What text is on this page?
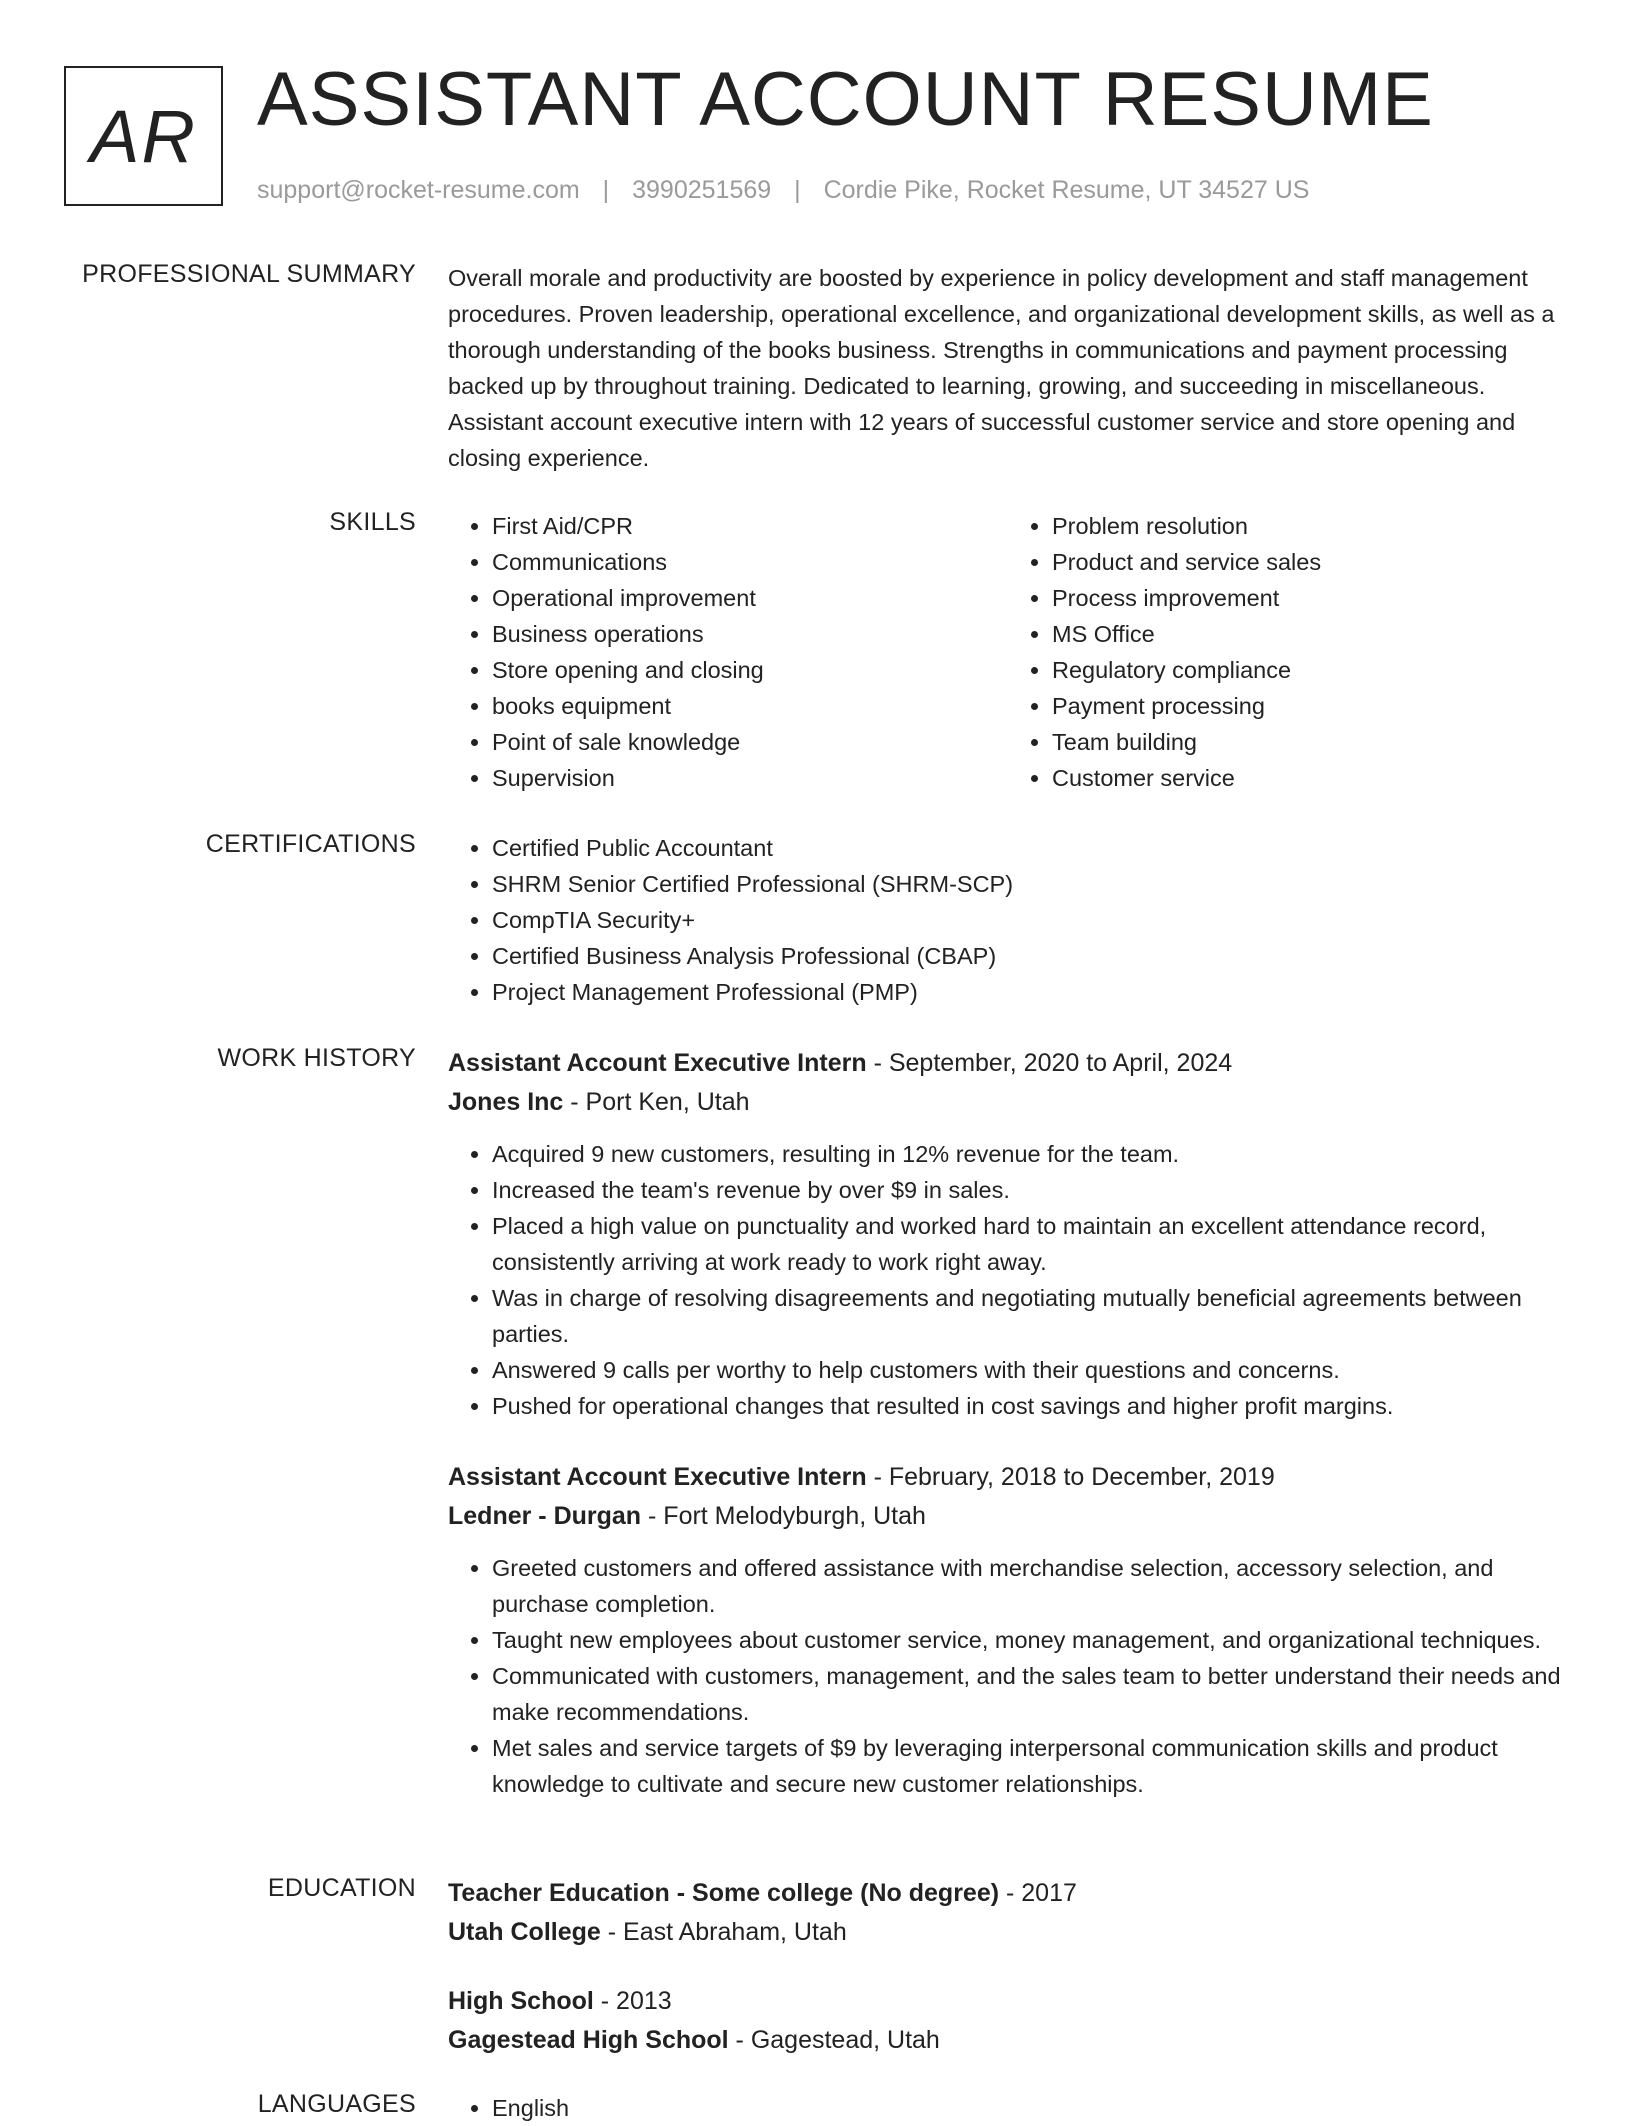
AR ASSISTANT ACCOUNT RESUME
support@rocket-resume.com | 3990251569 | Cordie Pike, Rocket Resume, UT 34527 US
PROFESSIONAL SUMMARY Overall morale and productivity are boosted by experience in policy development and staff management procedures. Proven leadership, operational excellence, and organizational development skills, as well as a thorough understanding of the books business. Strengths in communications and payment processing backed up by throughout training. Dedicated to learning, growing, and succeeding in miscellaneous. Assistant account executive intern with 12 years of successful customer service and store opening and closing experience.

SKILLS	• First Aid/CPR
• Communications
• Operational improvement
• Business operations
• Store opening and closing
• books equipment
• Point of sale knowledge
• Supervision
• Problem resolution
• Product and service sales
• Process improvement
• MS Office
• Regulatory compliance
• Payment processing
• Team building
• Customer service
CERTIFICATIONS	• Certified Public Accountant
• SHRM Senior Certified Professional (SHRM-SCP)
• CompTIA Security+
• Certified Business Analysis Professional (CBAP)
• Project Management Professional (PMP)
WORK HISTORY Assistant Account Executive Intern - September, 2020 to April, 2024
Jones Inc - Port Ken, Utah
• Acquired 9 new customers, resulting in 12% revenue for the team.
• Increased the team's revenue by over $9 in sales.
• Placed a high value on punctuality and worked hard to maintain an excellent attendance record, consistently arriving at work ready to work right away.
• Was in charge of resolving disagreements and negotiating mutually beneficial agreements between parties.
• Answered 9 calls per worthy to help customers with their questions and concerns.
• Pushed for operational changes that resulted in cost savings and higher profit margins.
Assistant Account Executive Intern - February, 2018 to December, 2019
Ledner - Durgan - Fort Melodyburgh, Utah
• Greeted customers and offered assistance with merchandise selection, accessory selection, and purchase completion.
• Taught new employees about customer service, money management, and organizational techniques.
• Communicated with customers, management, and the sales team to better understand their needs and make recommendations.
• Met sales and service targets of $9 by leveraging interpersonal communication skills and product knowledge to cultivate and secure new customer relationships.
EDUCATION Teacher Education - Some college (No degree) - 2017
Utah College - East Abraham, Utah
High School - 2013
Gagestead High School - Gagestead, Utah
LANGUAGES	• English
